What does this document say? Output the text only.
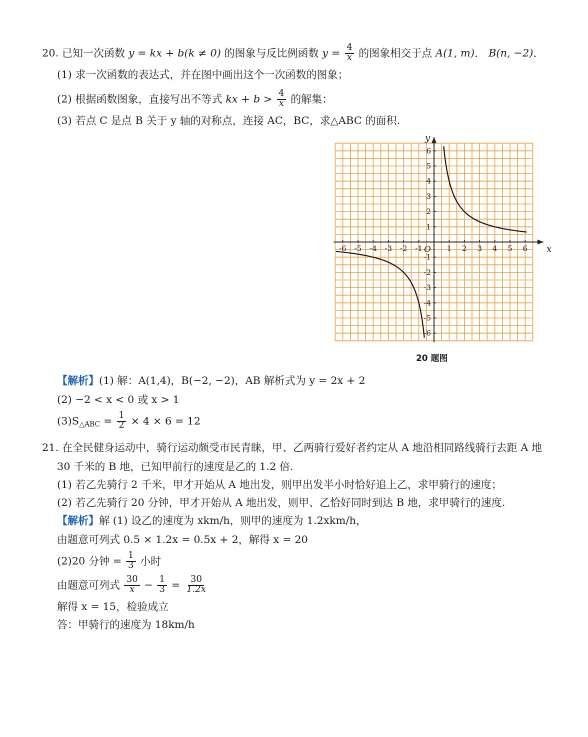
20. 已知一次函数 y = kx + b(k ≠ 0) 的图象与反比例函数 $y = \frac{4}{x}$ 的图象相交于点 A(1, m)． B(n, −2)．
(1) 求一次函数的表达式，并在图中画出这个一次函数的图象；
(2) 根据函数图象，直接写出不等式 kx + $b > \frac{4}{x}$ 的解集：
(3) 若点 C 是点 B 关于 y 轴的对称点，连接 AC，BC，求△ABC 的面积.
-6 -5 -4 -3 -2 -1	1 2 3 4 5 6
6
5
4
3
2
1
-1
-2
-3
-4
-5
-6
O	x
y
20 题图
【解析】(1) 解：A(1,4)，B(−2, −2)，AB 解析式为 y = 2x + 2
(2) −2 < x < 0 或 x > 1
$(3)S_{\triangle ABC} = \frac{1}{2} \times 4 \times 6 = 12$
21. 在全民健身运动中，骑行运动颇受市民青睐，甲、乙两骑行爱好者约定从 A 地沿相同路线骑行去距 A 地
30 千米的 B 地，已知甲前行的速度是乙的 1.2 倍.
(1) 若乙先骑行 2 千米，甲才开始从 A 地出发，则甲出发半小时恰好追上乙，求甲骑行的速度；
(2) 若乙先骑行 20 分钟，甲才开始从 A 地出发，则甲、乙恰好同时到达 B 地，求甲骑行的速度.
【解析】解 (1) 设乙的速度为 xkm/h，则甲的速度为 1.2xkm/h，
由题意可列式 0.5 × 1.2x = 0.5x + 2，解得 x = 20
(2)20 分钟 = $\frac{1}{3}$ 小时
由题意可列式 $\frac{30}{x} - \frac{1}{3} = \frac{30}{1.2x}$
解得 x = 15，检验成立
答：甲骑行的速度为 18km/h
